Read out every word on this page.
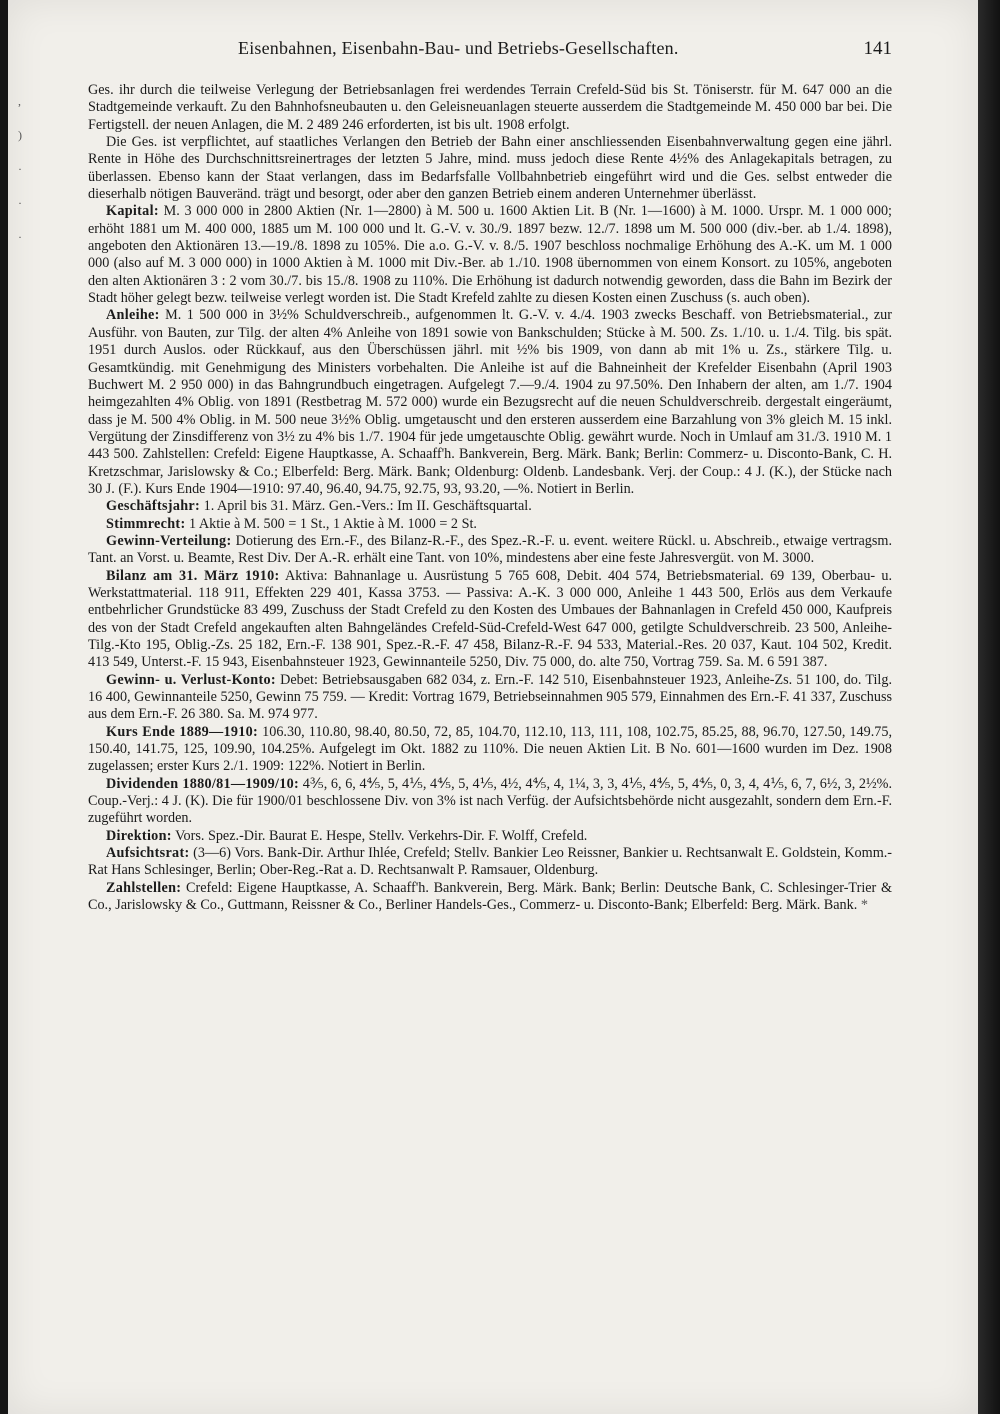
,
)
·
·
·
Eisenbahnen, Eisenbahn-Bau- und Betriebs-Gesellschaften.	141

Ges. ihr durch die teilweise Verlegung der Betriebsanlagen frei werdendes Terrain Crefeld-Süd bis St. Töniserstr. für M. 647 000 an die Stadtgemeinde verkauft. Zu den Bahnhofsneubauten u. den Geleisneuanlagen steuerte ausserdem die Stadtgemeinde M. 450 000 bar bei. Die Fertigstell. der neuen Anlagen, die M. 2 489 246 erforderten, ist bis ult. 1908 erfolgt.

Die Ges. ist verpflichtet, auf staatliches Verlangen den Betrieb der Bahn einer anschliessenden Eisenbahnverwaltung gegen eine jährl. Rente in Höhe des Durchschnittsreinertrages der letzten 5 Jahre, mind. muss jedoch diese Rente 4½% des Anlagekapitals betragen, zu überlassen. Ebenso kann der Staat verlangen, dass im Bedarfsfalle Vollbahnbetrieb eingeführt wird und die Ges. selbst entweder die dieserhalb nötigen Bauveränd. trägt und besorgt, oder aber den ganzen Betrieb einem anderen Unternehmer überlässt.

Kapital: M. 3 000 000 in 2800 Aktien (Nr. 1—2800) à M. 500 u. 1600 Aktien Lit. B (Nr. 1—1600) à M. 1000. Urspr. M. 1 000 000; erhöht 1881 um M. 400 000, 1885 um M. 100 000 und lt. G.-V. v. 30./9. 1897 bezw. 12./7. 1898 um M. 500 000 (div.-ber. ab 1./4. 1898), angeboten den Aktionären 13.—19./8. 1898 zu 105%. Die a.o. G.-V. v. 8./5. 1907 beschloss nochmalige Erhöhung des A.-K. um M. 1 000 000 (also auf M. 3 000 000) in 1000 Aktien à M. 1000 mit Div.-Ber. ab 1./10. 1908 übernommen von einem Konsort. zu 105%, angeboten den alten Aktionären 3 : 2 vom 30./7. bis 15./8. 1908 zu 110%. Die Erhöhung ist dadurch notwendig geworden, dass die Bahn im Bezirk der Stadt höher gelegt bezw. teilweise verlegt worden ist. Die Stadt Krefeld zahlte zu diesen Kosten einen Zuschuss (s. auch oben).

Anleihe: M. 1 500 000 in 3½% Schuldverschreib., aufgenommen lt. G.-V. v. 4./4. 1903 zwecks Beschaff. von Betriebsmaterial., zur Ausführ. von Bauten, zur Tilg. der alten 4% Anleihe von 1891 sowie von Bankschulden; Stücke à M. 500. Zs. 1./10. u. 1./4. Tilg. bis spät. 1951 durch Auslos. oder Rückkauf, aus den Überschüssen jährl. mit ½% bis 1909, von dann ab mit 1% u. Zs., stärkere Tilg. u. Gesamtkündig. mit Genehmigung des Ministers vorbehalten. Die Anleihe ist auf die Bahneinheit der Krefelder Eisenbahn (April 1903 Buchwert M. 2 950 000) in das Bahngrundbuch eingetragen. Aufgelegt 7.—9./4. 1904 zu 97.50%. Den Inhabern der alten, am 1./7. 1904 heimgezahlten 4% Oblig. von 1891 (Restbetrag M. 572 000) wurde ein Bezugsrecht auf die neuen Schuldverschreib. dergestalt eingeräumt, dass je M. 500 4% Oblig. in M. 500 neue 3½% Oblig. umgetauscht und den ersteren ausserdem eine Barzahlung von 3% gleich M. 15 inkl. Vergütung der Zinsdifferenz von 3½ zu 4% bis 1./7. 1904 für jede umgetauschte Oblig. gewährt wurde. Noch in Umlauf am 31./3. 1910 M. 1 443 500. Zahlstellen: Crefeld: Eigene Hauptkasse, A. Schaaff'h. Bankverein, Berg. Märk. Bank; Berlin: Commerz- u. Disconto-Bank, C. H. Kretzschmar, Jarislowsky & Co.; Elberfeld: Berg. Märk. Bank; Oldenburg: Oldenb. Landesbank. Verj. der Coup.: 4 J. (K.), der Stücke nach 30 J. (F.). Kurs Ende 1904—1910: 97.40, 96.40, 94.75, 92.75, 93, 93.20, —%. Notiert in Berlin.

Geschäftsjahr: 1. April bis 31. März. Gen.-Vers.: Im II. Geschäftsquartal.

Stimmrecht: 1 Aktie à M. 500 = 1 St., 1 Aktie à M. 1000 = 2 St.

Gewinn-Verteilung: Dotierung des Ern.-F., des Bilanz-R.-F., des Spez.-R.-F. u. event. weitere Rückl. u. Abschreib., etwaige vertragsm. Tant. an Vorst. u. Beamte, Rest Div. Der A.-R. erhält eine Tant. von 10%, mindestens aber eine feste Jahresvergüt. von M. 3000.

Bilanz am 31. März 1910: Aktiva: Bahnanlage u. Ausrüstung 5 765 608, Debit. 404 574, Betriebsmaterial. 69 139, Oberbau- u. Werkstattmaterial. 118 911, Effekten 229 401, Kassa 3753. — Passiva: A.-K. 3 000 000, Anleihe 1 443 500, Erlös aus dem Verkaufe entbehrlicher Grundstücke 83 499, Zuschuss der Stadt Crefeld zu den Kosten des Umbaues der Bahnanlagen in Crefeld 450 000, Kaufpreis des von der Stadt Crefeld angekauften alten Bahngeländes Crefeld-Süd-Crefeld-West 647 000, getilgte Schuldverschreib. 23 500, Anleihe-Tilg.-Kto 195, Oblig.-Zs. 25 182, Ern.-F. 138 901, Spez.-R.-F. 47 458, Bilanz-R.-F. 94 533, Material.-Res. 20 037, Kaut. 104 502, Kredit. 413 549, Unterst.-F. 15 943, Eisenbahnsteuer 1923, Gewinnanteile 5250, Div. 75 000, do. alte 750, Vortrag 759. Sa. M. 6 591 387.

Gewinn- u. Verlust-Konto: Debet: Betriebsausgaben 682 034, z. Ern.-F. 142 510, Eisenbahnsteuer 1923, Anleihe-Zs. 51 100, do. Tilg. 16 400, Gewinnanteile 5250, Gewinn 75 759. — Kredit: Vortrag 1679, Betriebseinnahmen 905 579, Einnahmen des Ern.-F. 41 337, Zuschuss aus dem Ern.-F. 26 380. Sa. M. 974 977.

Kurs Ende 1889—1910: 106.30, 110.80, 98.40, 80.50, 72, 85, 104.70, 112.10, 113, 111, 108, 102.75, 85.25, 88, 96.70, 127.50, 149.75, 150.40, 141.75, 125, 109.90, 104.25%. Aufgelegt im Okt. 1882 zu 110%. Die neuen Aktien Lit. B No. 601—1600 wurden im Dez. 1908 zugelassen; erster Kurs 2./1. 1909: 122%. Notiert in Berlin.

Dividenden 1880/81—1909/10: 4⅗, 6, 6, 4⅘, 5, 4⅕, 4⅘, 5, 4⅕, 4½, 4⅘, 4, 1¼, 3, 3, 4⅕, 4⅘, 5, 4⅘, 0, 3, 4, 4⅕, 6, 7, 6½, 3, 2½%. Coup.-Verj.: 4 J. (K). Die für 1900/01 beschlossene Div. von 3% ist nach Verfüg. der Aufsichtsbehörde nicht ausgezahlt, sondern dem Ern.-F. zugeführt worden.

Direktion: Vors. Spez.-Dir. Baurat E. Hespe, Stellv. Verkehrs-Dir. F. Wolff, Crefeld.

Aufsichtsrat: (3—6) Vors. Bank-Dir. Arthur Ihlée, Crefeld; Stellv. Bankier Leo Reissner, Bankier u. Rechtsanwalt E. Goldstein, Komm.-Rat Hans Schlesinger, Berlin; Ober-Reg.-Rat a. D. Rechtsanwalt P. Ramsauer, Oldenburg.

Zahlstellen: Crefeld: Eigene Hauptkasse, A. Schaaff'h. Bankverein, Berg. Märk. Bank; Berlin: Deutsche Bank, C. Schlesinger-Trier & Co., Jarislowsky & Co., Guttmann, Reissner & Co., Berliner Handels-Ges., Commerz- u. Disconto-Bank; Elberfeld: Berg. Märk. Bank. *
